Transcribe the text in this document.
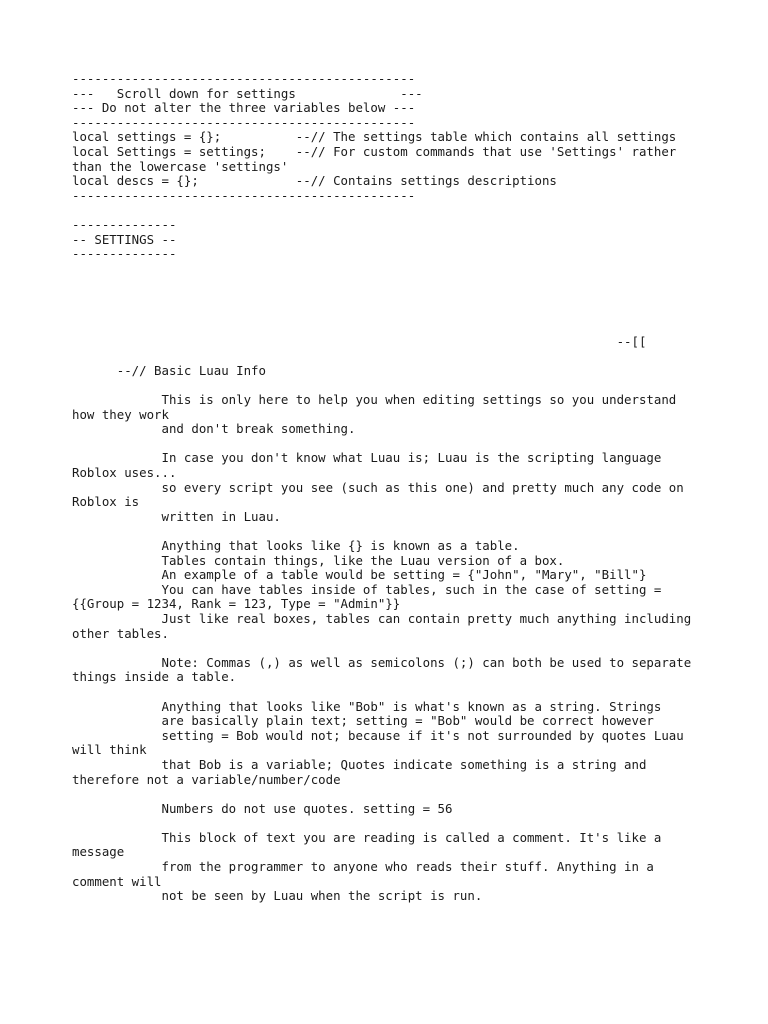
----------------------------------------------
---   Scroll down for settings              ---
--- Do not alter the three variables below ---
----------------------------------------------
local settings = {};          --// The settings table which contains all settings
local Settings = settings;    --// For custom commands that use 'Settings' rather
than the lowercase 'settings'
local descs = {};             --// Contains settings descriptions
----------------------------------------------
--------------
-- SETTINGS --
--------------
--[[
--// Basic Luau Info
This is only here to help you when editing settings so you understand
how they work
and don't break something.
In case you don't know what Luau is; Luau is the scripting language
Roblox uses...
so every script you see (such as this one) and pretty much any code on
Roblox is
written in Luau.
Anything that looks like {} is known as a table.
Tables contain things, like the Luau version of a box.
An example of a table would be setting = {"John", "Mary", "Bill"}
You can have tables inside of tables, such in the case of setting =
{{Group = 1234, Rank = 123, Type = "Admin"}}
Just like real boxes, tables can contain pretty much anything including
other tables.
Note: Commas (,) as well as semicolons (;) can both be used to separate
things inside a table.
Anything that looks like "Bob" is what's known as a string. Strings
are basically plain text; setting = "Bob" would be correct however
setting = Bob would not; because if it's not surrounded by quotes Luau
will think
that Bob is a variable; Quotes indicate something is a string and
therefore not a variable/number/code
Numbers do not use quotes. setting = 56
This block of text you are reading is called a comment. It's like a
message
from the programmer to anyone who reads their stuff. Anything in a
comment will
not be seen by Luau when the script is run.
